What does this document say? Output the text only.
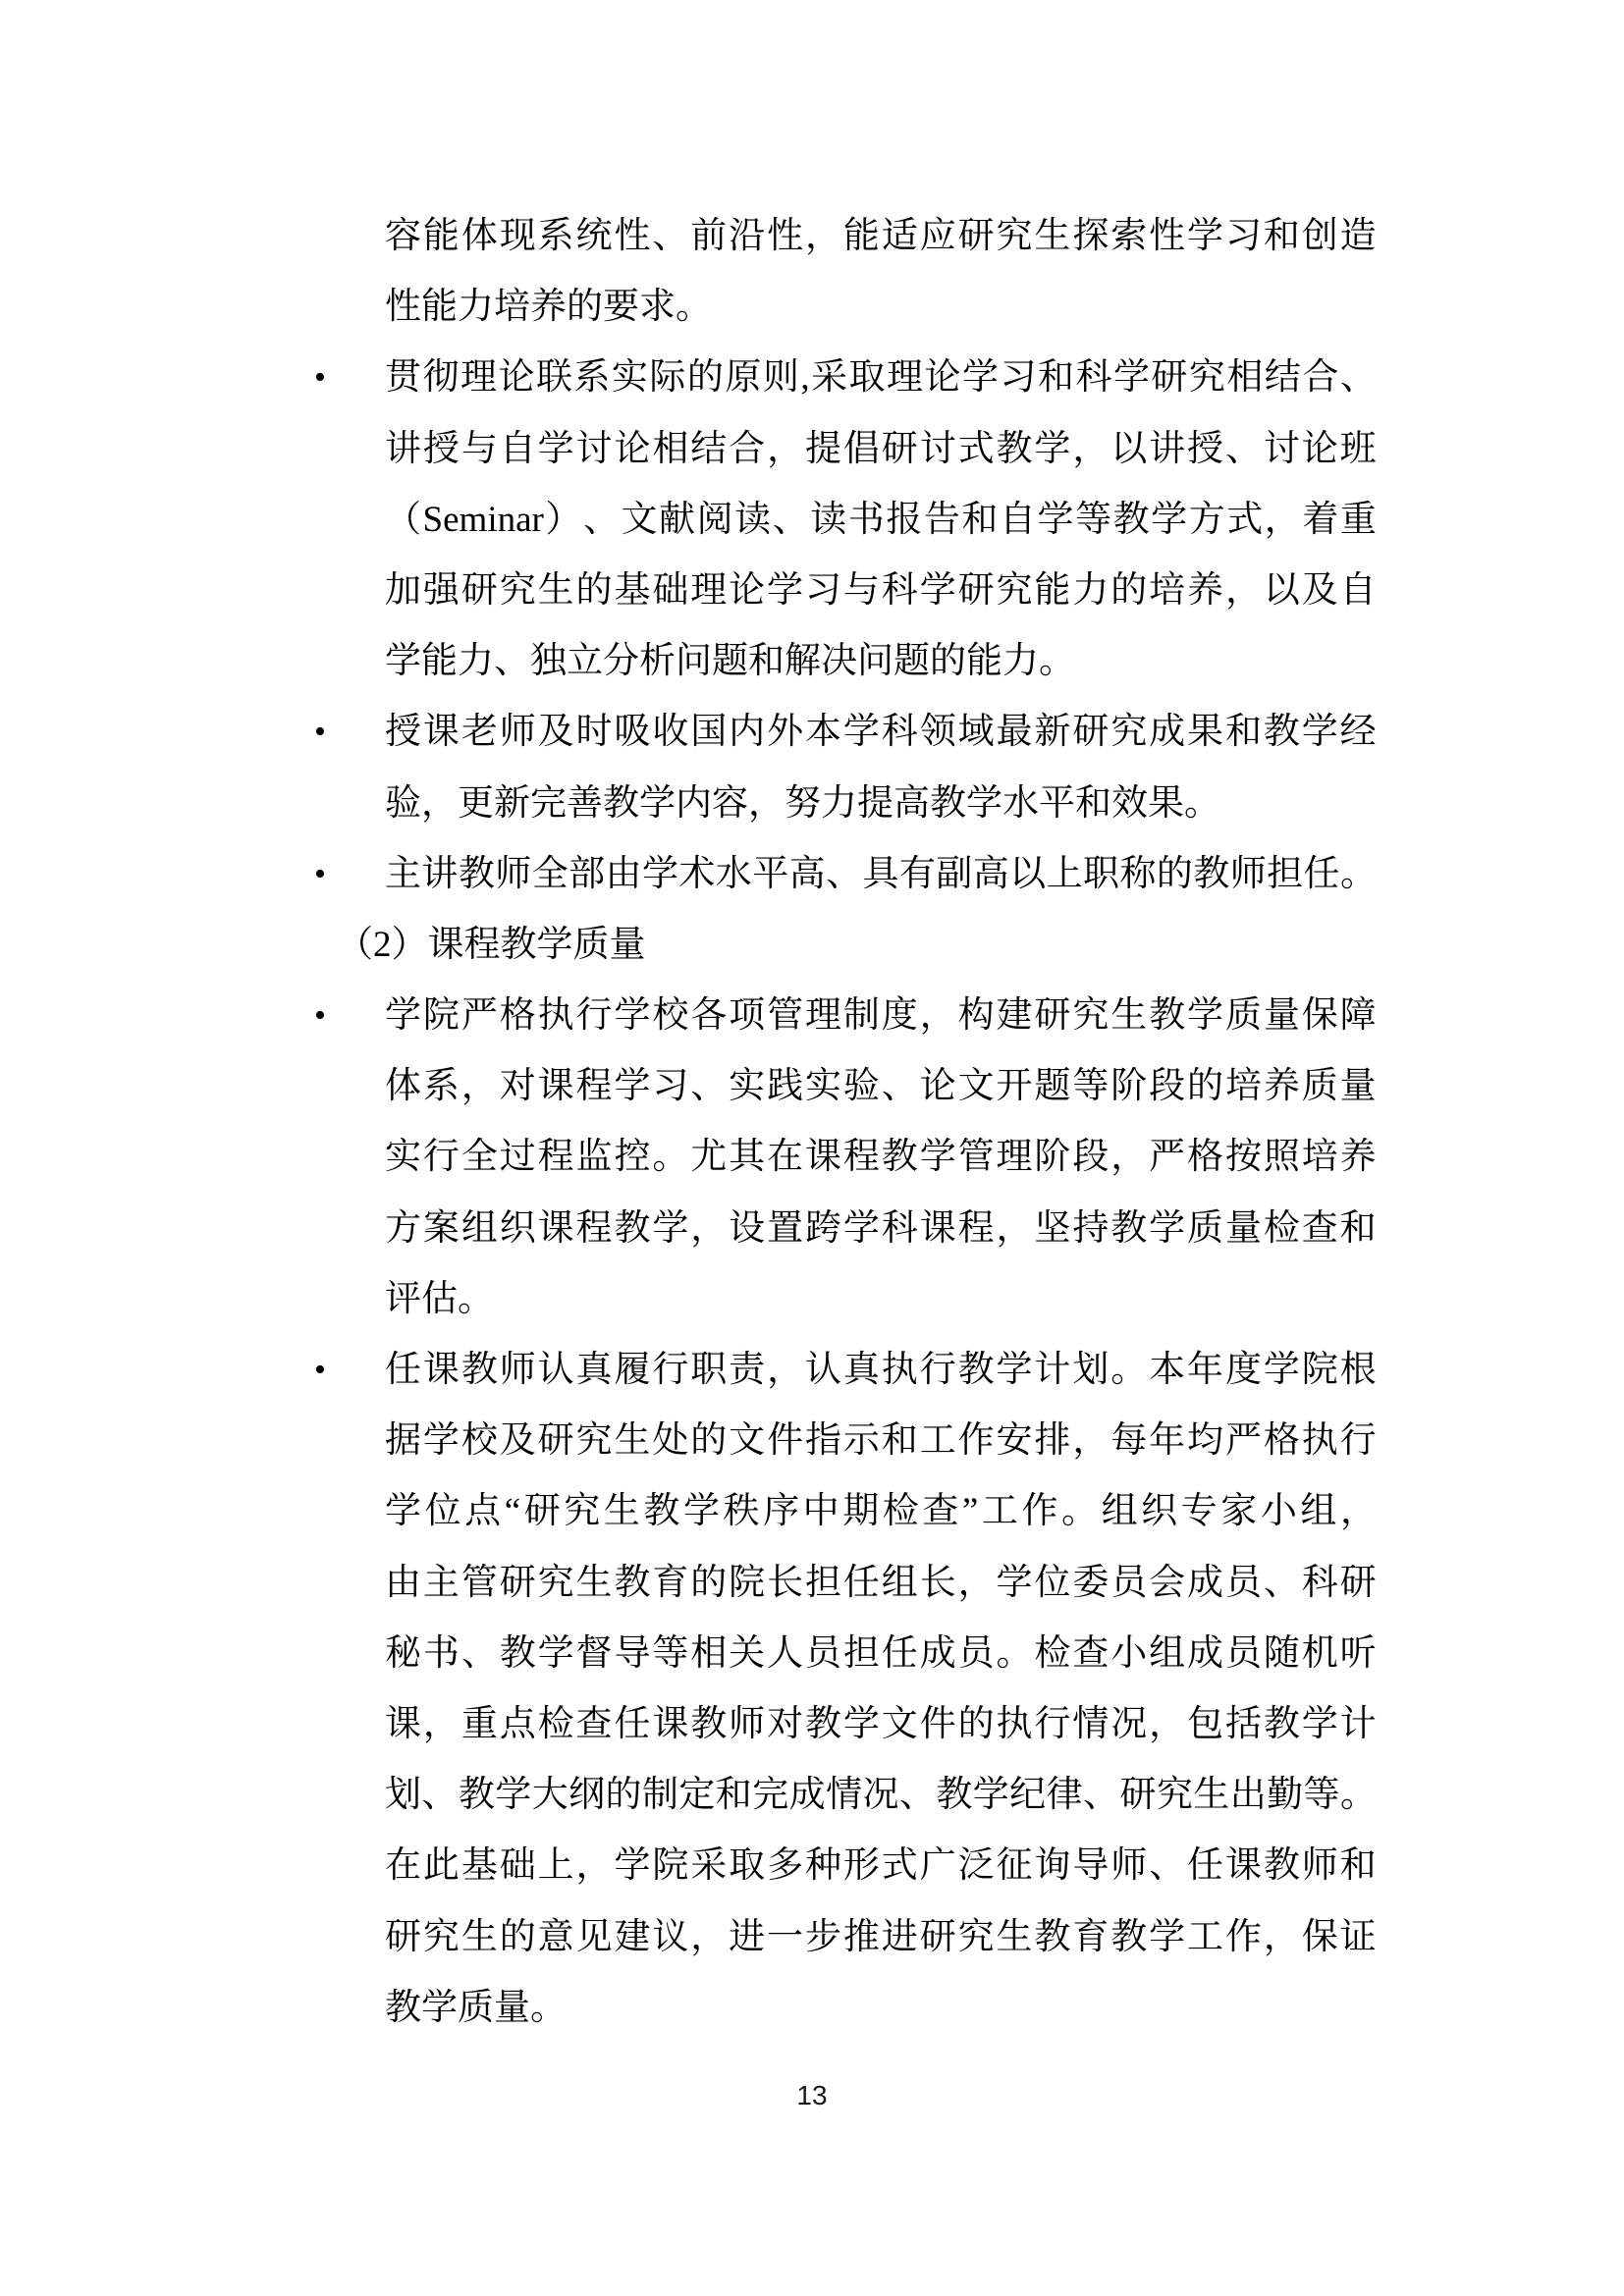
容 能 体 现 系 统 性 、 前 沿 性 ， 能 适 应 研 究 生 探 索 性 学 习 和 创 造
性能力培养的要求。
贯 彻 理 论 联 系 实 际 的 原 则 , 采 取 理 论 学 习 和 科 学 研 究 相 结 合 、
•
讲 授 与 自 学 讨 论 相 结 合 ， 提 倡 研 讨 式 教 学 ， 以 讲 授 、 讨 论 班
（ Seminar ） 、 文 献 阅 读 、 读 书 报 告 和 自 学 等 教 学 方 式 ， 着 重
加 强 研 究 生 的 基 础 理 论 学 习 与 科 学 研 究 能 力 的 培 养 ， 以 及 自
学能力、独立分析问题和解决问题的能力。
授 课 老 师 及 时 吸 收 国 内 外 本 学 科 领 域 最 新 研 究 成 果 和 教 学 经
•
验，更新完善教学内容，努力提高教学水平和效果。
主 讲 教 师 全 部 由 学 术 水 平 高 、 具 有 副 高 以 上 职 称 的 教 师 担 任 。
•
（2）课程教学质量
学 院 严 格 执 行 学 校 各 项 管 理 制 度 ， 构 建 研 究 生 教 学 质 量 保 障
•
体 系 ， 对 课 程 学 习 、 实 践 实 验 、 论 文 开 题 等 阶 段 的 培 养 质 量
实 行 全 过 程 监 控 。 尤 其 在 课 程 教 学 管 理 阶 段 ， 严 格 按 照 培 养
方 案 组 织 课 程 教 学 ， 设 置 跨 学 科 课 程 ， 坚 持 教 学 质 量 检 查 和
评估。
任 课 教 师 认 真 履 行 职 责 ， 认 真 执 行 教 学 计 划 。 本 年 度 学 院 根
•
据 学 校 及 研 究 生 处 的 文 件 指 示 和 工 作 安 排 ， 每 年 均 严 格 执 行
学 位 点 “ 研 究 生 教 学 秩 序 中 期 检 查 ” 工 作 。 组 织 专 家 小 组 ，
由 主 管 研 究 生 教 育 的 院 长 担 任 组 长 ， 学 位 委 员 会 成 员 、 科 研
秘 书 、 教 学 督 导 等 相 关 人 员 担 任 成 员 。 检 查 小 组 成 员 随 机 听
课 ， 重 点 检 查 任 课 教 师 对 教 学 文 件 的 执 行 情 况 ， 包 括 教 学 计
划 、 教 学 大 纲 的 制 定 和 完 成 情 况 、 教 学 纪 律 、 研 究 生 出 勤 等 。
在 此 基 础 上 ， 学 院 采 取 多 种 形 式 广 泛 征 询 导 师 、 任 课 教 师 和
研 究 生 的 意 见 建 议 ， 进 一 步 推 进 研 究 生 教 育 教 学 工 作 ， 保 证
教学质量。
13
